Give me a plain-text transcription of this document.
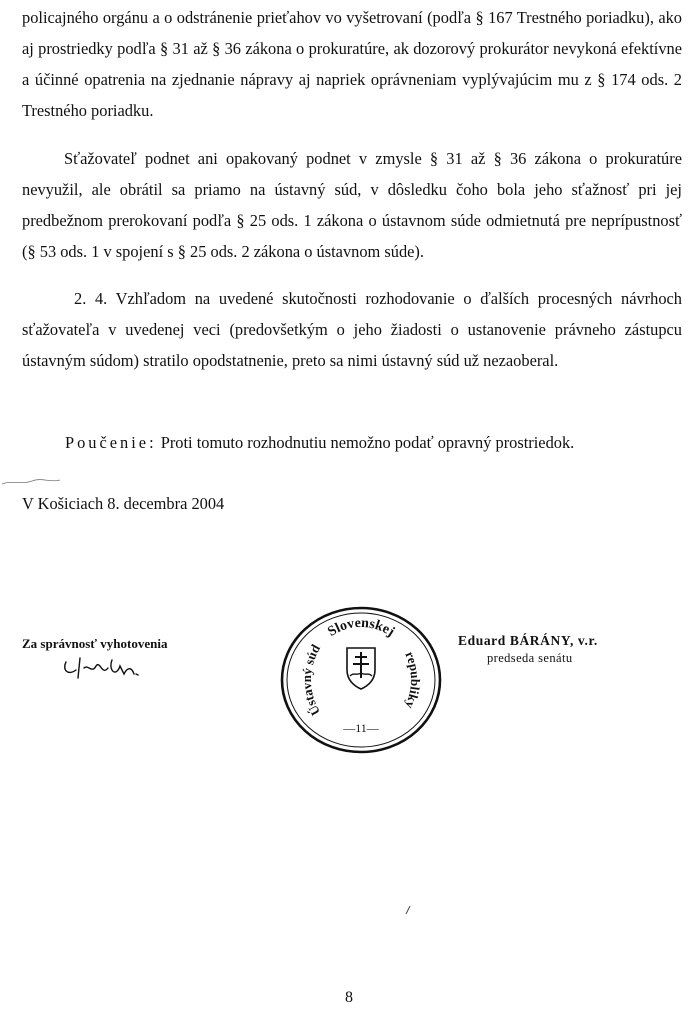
policajného orgánu a o odstránenie prieťahov vo vyšetrovaní (podľa § 167 Trestného poriadku), ako aj prostriedky podľa § 31 až § 36 zákona o prokuratúre, ak dozorový prokurátor nevykoná efektívne a účinné opatrenia na zjednanie nápravy aj napriek oprávneniam vyplývajúcim mu z § 174 ods. 2 Trestného poriadku.

Sťažovateľ podnet ani opakovaný podnet v zmysle § 31 až § 36 zákona o prokuratúre nevyužil, ale obrátil sa priamo na ústavný súd, v dôsledku čoho bola jeho sťažnosť pri jej predbežnom prerokovaní podľa § 25 ods. 1 zákona o ústavnom súde odmietnutá pre neprípustnosť (§ 53 ods. 1 v spojení s § 25 ods. 2 zákona o ústavnom súde).

2. 4. Vzhľadom na uvedené skutočnosti rozhodovanie o ďalších procesných návrhoch sťažovateľa v uvedenej veci (predovšetkým o jeho žiadosti o ustanovenie právneho zástupcu ústavným súdom) stratilo opodstatnenie, preto sa nimi ústavný súd už nezaoberal.

Poučenie: Proti tomuto rozhodnutiu nemožno podať opravný prostriedok.

V Košiciach 8. decembra 2004

Za správnosť vyhotovenia
Slovenskej
republiky
Ústavný súd
—11—
Eduard BÁRÁNY, v.r.
predseda senátu
8
